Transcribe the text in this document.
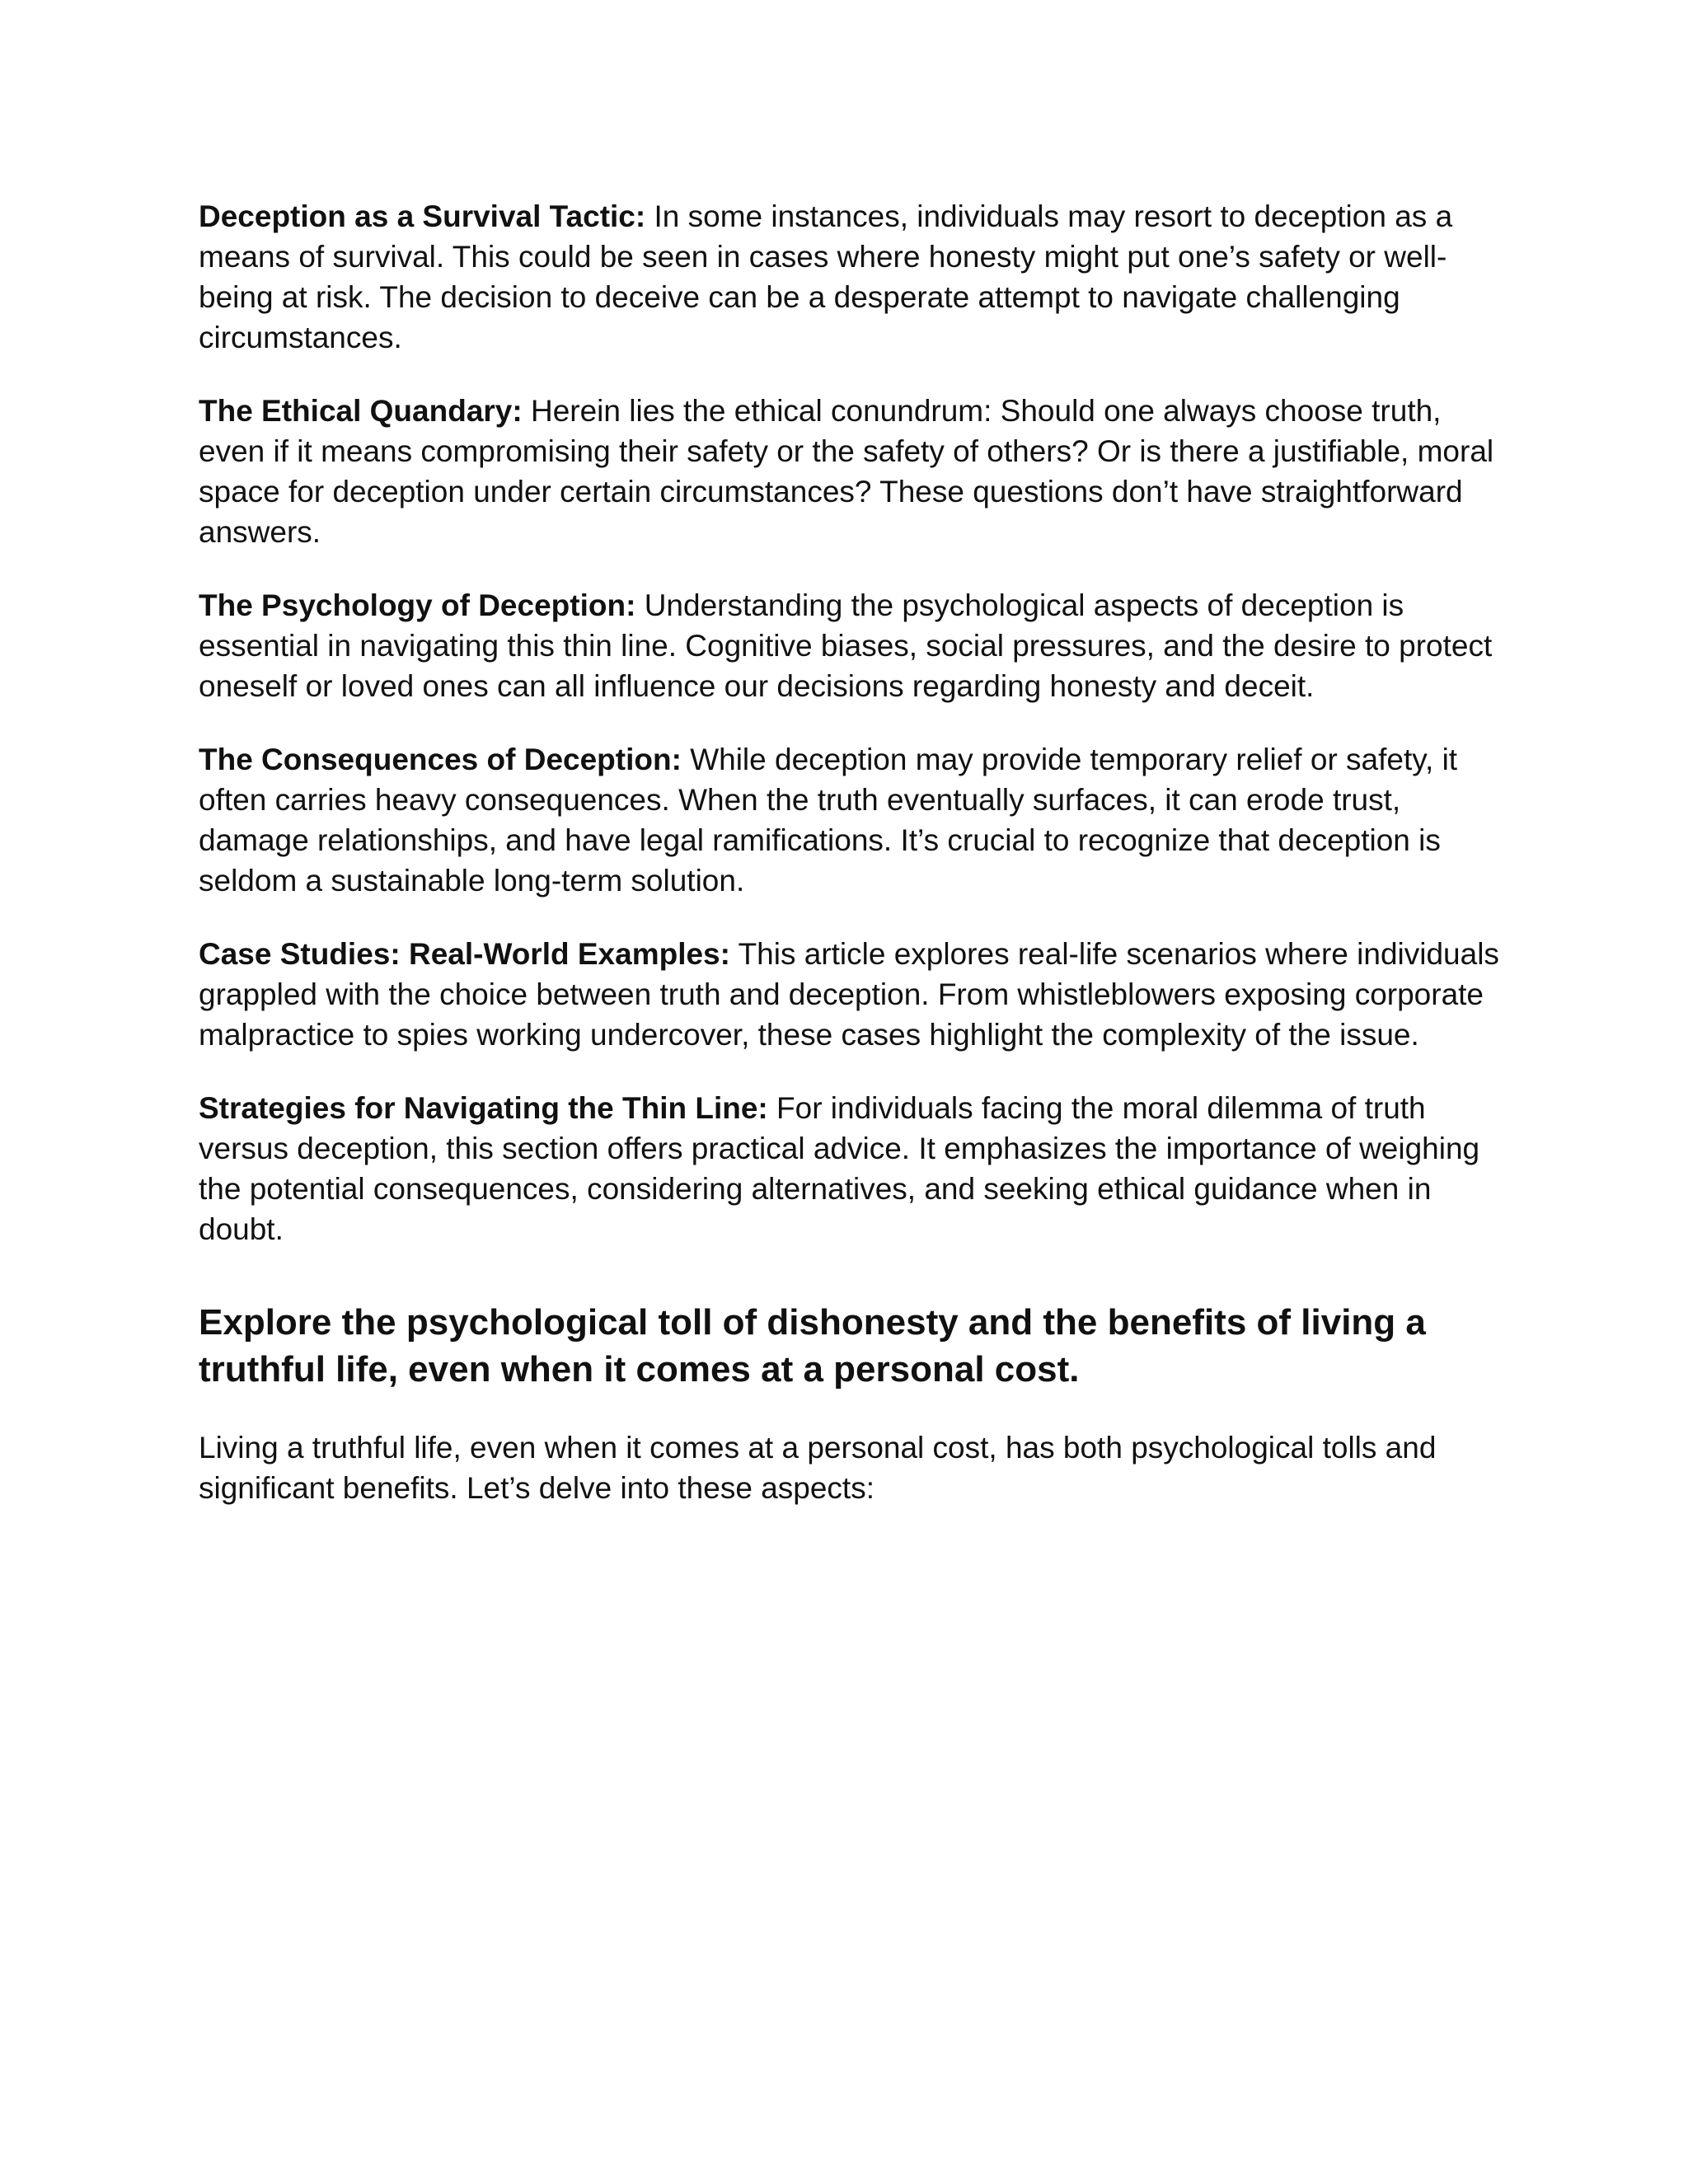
Deception as a Survival Tactic: In some instances, individuals may resort to deception as a means of survival. This could be seen in cases where honesty might put one’s safety or well-being at risk. The decision to deceive can be a desperate attempt to navigate challenging circumstances.

The Ethical Quandary: Herein lies the ethical conundrum: Should one always choose truth, even if it means compromising their safety or the safety of others? Or is there a justifiable, moral space for deception under certain circumstances? These questions don’t have straightforward answers.

The Psychology of Deception: Understanding the psychological aspects of deception is essential in navigating this thin line. Cognitive biases, social pressures, and the desire to protect oneself or loved ones can all influence our decisions regarding honesty and deceit.

The Consequences of Deception: While deception may provide temporary relief or safety, it often carries heavy consequences. When the truth eventually surfaces, it can erode trust, damage relationships, and have legal ramifications. It’s crucial to recognize that deception is seldom a sustainable long-term solution.

Case Studies: Real-World Examples: This article explores real-life scenarios where individuals grappled with the choice between truth and deception. From whistleblowers exposing corporate malpractice to spies working undercover, these cases highlight the complexity of the issue.

Strategies for Navigating the Thin Line: For individuals facing the moral dilemma of truth versus deception, this section offers practical advice. It emphasizes the importance of weighing the potential consequences, considering alternatives, and seeking ethical guidance when in doubt.

Explore the psychological toll of dishonesty and the benefits of living a truthful life, even when it comes at a personal cost.

Living a truthful life, even when it comes at a personal cost, has both psychological tolls and significant benefits. Let’s delve into these aspects:
